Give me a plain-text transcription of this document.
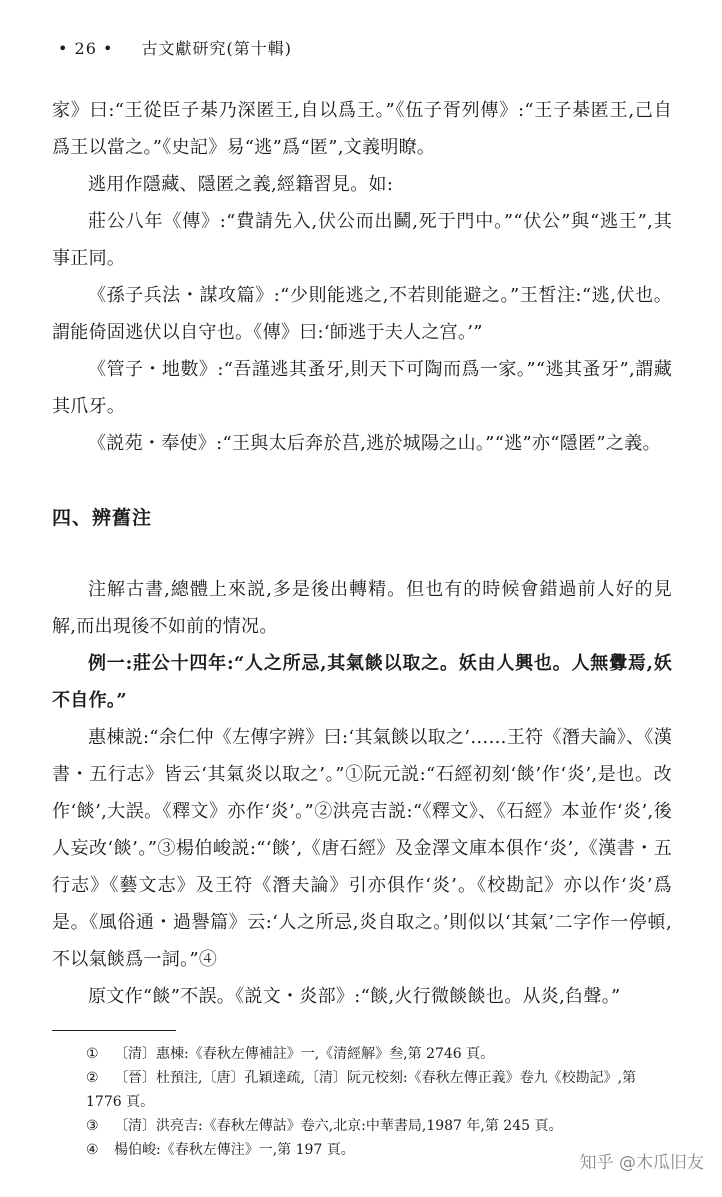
• 26 • 古文獻研究(第十輯)

家》曰:“王從臣子棊乃深匿王,自以爲王。”《伍子胥列傳》:“王子棊匿王,己自爲王以當之。”《史記》易“逃”爲“匿”,文義明瞭。

逃用作隱藏、隱匿之義,經籍習見。如:

莊公八年《傳》:“費請先入,伏公而出鬭,死于門中。”“伏公”與“逃王”,其事正同。

《孫子兵法・謀攻篇》:“少則能逃之,不若則能避之。”王皙注:“逃,伏也。謂能倚固逃伏以自守也。《傳》曰:‘師逃于夫人之宫。’”

《管子・地數》:“吾謹逃其蚤牙,則天下可陶而爲一家。”“逃其蚤牙”,謂藏其爪牙。

《説苑・奉使》:“王與太后奔於莒,逃於城陽之山。”“逃”亦“隱匿”之義。

四、辨舊注

注解古書,總體上來説,多是後出轉精。但也有的時候會錯過前人好的見解,而出現後不如前的情况。

例一:莊公十四年:“人之所忌,其氣餤以取之。妖由人興也。人無釁焉,妖不自作。”

惠棟説:“余仁仲《左傳字辨》曰:‘其氣餤以取之’……王符《潛夫論》、《漢書・五行志》皆云‘其氣炎以取之’。”①阮元説:“石經初刻‘餤’作‘炎’,是也。改作‘餤’,大誤。《釋文》亦作‘炎’。”②洪亮吉説:“《釋文》、《石經》本並作‘炎’,後人妄改‘餤’。”③楊伯峻説:“‘餤’,《唐石經》及金澤文庫本俱作‘炎’,《漢書・五行志》《藝文志》及王符《潛夫論》引亦俱作‘炎’。《校勘記》亦以作‘炎’爲是。《風俗通・過譽篇》云:‘人之所忌,炎自取之。’則似以‘其氣’二字作一停頓,不以氣餤爲一詞。”④

原文作“餤”不誤。《説文・炎部》:“餤,火行微餤餤也。从炎,臽聲。”

① 〔清〕惠棟:《春秋左傳補註》一,《清經解》叁,第 2746 頁。

② 〔晉〕杜預注,〔唐〕孔穎達疏,〔清〕阮元校刻:《春秋左傳正義》卷九《校勘記》,第 1776 頁。

③ 〔清〕洪亮吉:《春秋左傳詁》卷六,北京:中華書局,1987 年,第 245 頁。

④ 楊伯峻:《春秋左傳注》一,第 197 頁。

知乎 @木瓜旧友
